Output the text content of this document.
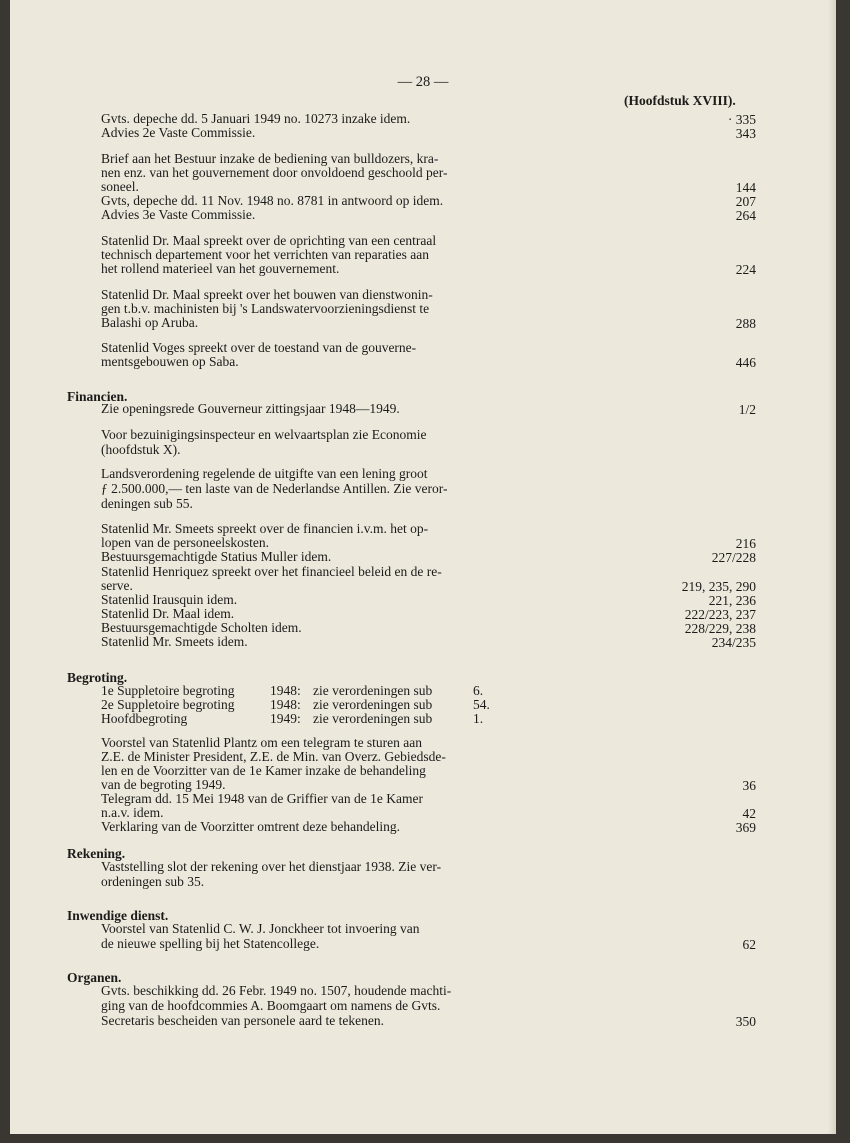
— 28 —
(Hoofdstuk XVIII).
Gvts. depeche dd. 5 Januari 1949 no. 10273 inzake idem.	· 335
Advies 2e Vaste Commissie.	343
Brief aan het Bestuur inzake de bediening van bulldozers, kra-
nen enz. van het gouvernement door onvoldoend geschoold per-
soneel.	144
Gvts, depeche dd. 11 Nov. 1948 no. 8781 in antwoord op idem.	207
Advies 3e Vaste Commissie.	264
Statenlid Dr. Maal spreekt over de oprichting van een centraal
technisch departement voor het verrichten van reparaties aan
het rollend materieel van het gouvernement.	224
Statenlid Dr. Maal spreekt over het bouwen van dienstwonin-
gen t.b.v. machinisten bij 's Landswatervoorzieningsdienst te
Balashi op Aruba.	288
Statenlid Voges spreekt over de toestand van de gouverne-
mentsgebouwen op Saba.	446
Financien.
Zie openingsrede Gouverneur zittingsjaar 1948—1949.	1/2
Voor bezuinigingsinspecteur en welvaartsplan zie Economie
(hoofdstuk X).
Landsverordening regelende de uitgifte van een lening groot
ƒ 2.500.000,— ten laste van de Nederlandse Antillen. Zie veror-
deningen sub 55.
Statenlid Mr. Smeets spreekt over de financien i.v.m. het op-
lopen van de personeelskosten.	216
Bestuursgemachtigde Statius Muller idem.	227/228
Statenlid Henriquez spreekt over het financieel beleid en de re-
serve.	219, 235, 290
Statenlid Irausquin idem.	221, 236
Statenlid Dr. Maal idem.	222/223, 237
Bestuursgemachtigde Scholten idem.	228/229, 238
Statenlid Mr. Smeets idem.	234/235
Begroting.
1e Suppletoire begroting	1948: zie verordeningen sub	6.
2e Suppletoire begroting	1948: zie verordeningen sub	54.
Hoofdbegroting	1949: zie verordeningen sub	1.
Voorstel van Statenlid Plantz om een telegram te sturen aan
Z.E. de Minister President, Z.E. de Min. van Overz. Gebiedsde-
len en de Voorzitter van de 1e Kamer inzake de behandeling
van de begroting 1949.	36
Telegram dd. 15 Mei 1948 van de Griffier van de 1e Kamer
n.a.v. idem.	42
Verklaring van de Voorzitter omtrent deze behandeling.	369
Rekening.
Vaststelling slot der rekening over het dienstjaar 1938. Zie ver-
ordeningen sub 35.
Inwendige dienst.
Voorstel van Statenlid C. W. J. Jonckheer tot invoering van
de nieuwe spelling bij het Statencollege.	62
Organen.
Gvts. beschikking dd. 26 Febr. 1949 no. 1507, houdende machti-
ging van de hoofdcommies A. Boomgaart om namens de Gvts.
Secretaris bescheiden van personele aard te tekenen.	350
